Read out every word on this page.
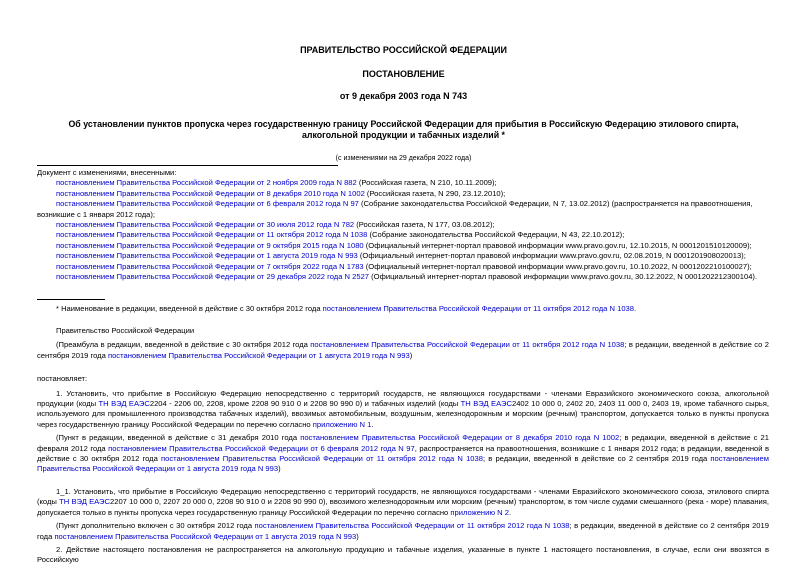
ПРАВИТЕЛЬСТВО РОССИЙСКОЙ ФЕДЕРАЦИИ
ПОСТАНОВЛЕНИЕ
от 9 декабря 2003 года N 743
Об установлении пунктов пропуска через государственную границу Российской Федерации для прибытия в Российскую Федерацию этилового спирта,
алкогольной продукции и табачных изделий *
(с изменениями на 29 декабря 2022 года)

Документ с изменениями, внесенными:

постановлением Правительства Российской Федерации от 2 ноября 2009 года N 882 (Российская газета, N 210, 10.11.2009);

постановлением Правительства Российской Федерации от 8 декабря 2010 года N 1002 (Российская газета, N 290, 23.12.2010);

постановлением Правительства Российской Федерации от 6 февраля 2012 года N 97 (Собрание законодательства Российской Федерации, N 7, 13.02.2012) (распространяется на правоотношения, возникшие с 1 января 2012 года);

постановлением Правительства Российской Федерации от 30 июля 2012 года N 782 (Российская газета, N 177, 03.08.2012);

постановлением Правительства Российской Федерации от 11 октября 2012 года N 1038 (Собрание законодательства Российской Федерации, N 43, 22.10.2012);

постановлением Правительства Российской Федерации от 9 октября 2015 года N 1080 (Официальный интернет-портал правовой информации www.pravo.gov.ru, 12.10.2015, N 0001201510120009);

постановлением Правительства Российской Федерации от 1 августа 2019 года N 993 (Официальный интернет-портал правовой информации www.pravo.gov.ru, 02.08.2019, N 0001201908020013);

постановлением Правительства Российской Федерации от 7 октября 2022 года N 1783 (Официальный интернет-портал правовой информации www.pravo.gov.ru, 10.10.2022, N 0001202210100027);

постановлением Правительства Российской Федерации от 29 декабря 2022 года N 2527 (Официальный интернет-портал правовой информации www.pravo.gov.ru, 30.12.2022, N 0001202212300104).

* Наименование в редакции, введенной в действие с 30 октября 2012 года постановлением Правительства Российской Федерации от 11 октября 2012 года N 1038.

Правительство Российской Федерации

(Преамбула в редакции, введенной в действие с 30 октября 2012 года постановлением Правительства Российской Федерации от 11 октября 2012 года N 1038; в редакции, введенной в действие со 2 сентября 2019 года постановлением Правительства Российской Федерации от 1 августа 2019 года N 993)

постановляет:

1. Установить, что прибытие в Российскую Федерацию непосредственно с территорий государств, не являющихся государствами - членами Евразийского экономического союза, алкогольной продукции (коды ТН ВЭД ЕАЭС2204 - 2206 00, 2208, кроме 2208 90 910 0 и 2208 90 990 0) и табачных изделий (коды ТН ВЭД ЕАЭС2402 10 000 0, 2402 20, 2403 11 000 0, 2403 19, кроме табачного сырья, используемого для промышленного производства табачных изделий), ввозимых автомобильным, воздушным, железнодорожным и морским (речным) транспортом, допускается только в пункты пропуска через государственную границу Российской Федерации по перечню согласно приложению N 1.

(Пункт в редакции, введенной в действие с 31 декабря 2010 года постановлением Правительства Российской Федерации от 8 декабря 2010 года N 1002; в редакции, введенной в действие с 21 февраля 2012 года постановлением Правительства Российской Федерации от 6 февраля 2012 года N 97, распространяется на правоотношения, возникшие с 1 января 2012 года; в редакции, введенной в действие с 30 октября 2012 года постановлением Правительства Российской Федерации от 11 октября 2012 года N 1038; в редакции, введенной в действие со 2 сентября 2019 года постановлением Правительства Российской Федерации от 1 августа 2019 года N 993)

1_1. Установить, что прибытие в Российскую Федерацию непосредственно с территорий государств, не являющихся государствами - членами Евразийского экономического союза, этилового спирта (коды ТН ВЭД ЕАЭС2207 10 000 0, 2207 20 000 0, 2208 90 910 0 и 2208 90 990 0), ввозимого железнодорожным или морским (речным) транспортом, в том числе судами смешанного (река - море) плавания, допускается только в пункты пропуска через государственную границу Российской Федерации по перечню согласно приложению N 2.

(Пункт дополнительно включен с 30 октября 2012 года постановлением Правительства Российской Федерации от 11 октября 2012 года N 1038; в редакции, введенной в действие со 2 сентября 2019 года постановлением Правительства Российской Федерации от 1 августа 2019 года N 993)

2. Действие настоящего постановления не распространяется на алкогольную продукцию и табачные изделия, указанные в пункте 1 настоящего постановления, в случае, если они ввозятся в Российскую
